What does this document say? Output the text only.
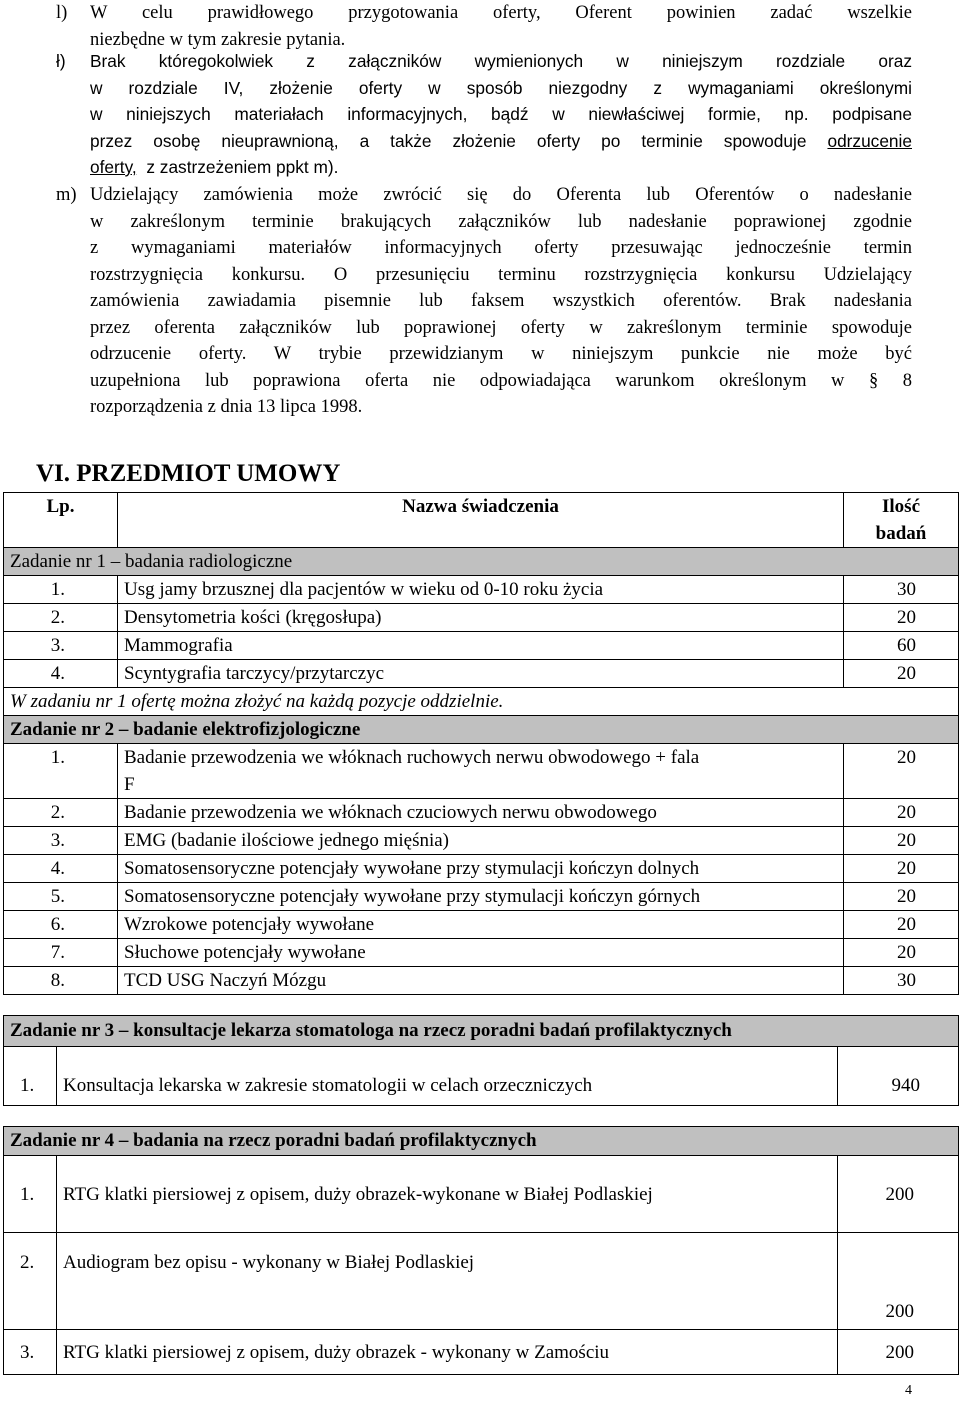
l) W celu prawidłowego przygotowania oferty, Oferent powinien zadać wszelkie
niezbędne w tym zakresie pytania.
ł) Brak któregokolwiek z załączników wymienionych w niniejszym rozdziale oraz
w rozdziale IV, złożenie oferty w sposób niezgodny z wymaganiami określonymi
w niniejszych materiałach informacyjnych, bądź w niewłaściwej formie, np. podpisane
przez osobę nieuprawnioną, a także złożenie oferty po terminie spowoduje odrzucenie
oferty, z zastrzeżeniem ppkt m).
m) Udzielający zamówienia może zwrócić się do Oferenta lub Oferentów o nadesłanie
w zakreślonym terminie brakujących załączników lub nadesłanie poprawionej zgodnie
z wymaganiami materiałów informacyjnych oferty przesuwając jednocześnie termin
rozstrzygnięcia konkursu. O przesunięciu terminu rozstrzygnięcia konkursu Udzielający
zamówienia zawiadamia pisemnie lub faksem wszystkich oferentów. Brak nadesłania
przez oferenta załączników lub poprawionej oferty w zakreślonym terminie spowoduje
odrzucenie oferty. W trybie przewidzianym w niniejszym punkcie nie może być
uzupełniona lub poprawiona oferta nie odpowiadająca warunkom określonym w § 8
rozporządzenia z dnia 13 lipca 1998.
VI. PRZEDMIOT UMOWY
Lp.	Nazwa świadczenia	Ilość
badań
Zadanie nr 1 – badania radiologiczne		
1.	Usg jamy brzusznej dla pacjentów w wieku od 0-10 roku życia	30
2.	Densytometria kości (kręgosłupa)	20
3.	Mammografia	60
4.	Scyntygrafia tarczycy/przytarczyc	20
W zadaniu nr 1 ofertę można złożyć na każdą pozycje oddzielnie.		
Zadanie nr 2 – badanie elektrofizjologiczne		
1.	Badanie przewodzenia we włóknach ruchowych nerwu obwodowego + fala
F	20
2.	Badanie przewodzenia we włóknach czuciowych nerwu obwodowego	20
3.	EMG (badanie ilościowe jednego mięśnia)	20
4.	Somatosensoryczne potencjały wywołane przy stymulacji kończyn dolnych	20
5.	Somatosensoryczne potencjały wywołane przy stymulacji kończyn górnych	20
6.	Wzrokowe potencjały wywołane	20
7.	Słuchowe potencjały wywołane	20
8.	TCD USG Naczyń Mózgu	30
Zadanie nr 3 – konsultacje lekarza stomatologa na rzecz poradni badań profilaktycznych
1.	Konsultacja lekarska w zakresie stomatologii w celach orzeczniczych	940
Zadanie nr 4 – badania na rzecz poradni badań profilaktycznych		
1.	RTG klatki piersiowej z opisem, duży obrazek-wykonane w Białej Podlaskiej	200
2.	Audiogram bez opisu - wykonany w Białej Podlaskiej	200
3.	RTG klatki piersiowej z opisem, duży obrazek - wykonany w Zamościu	200
4
